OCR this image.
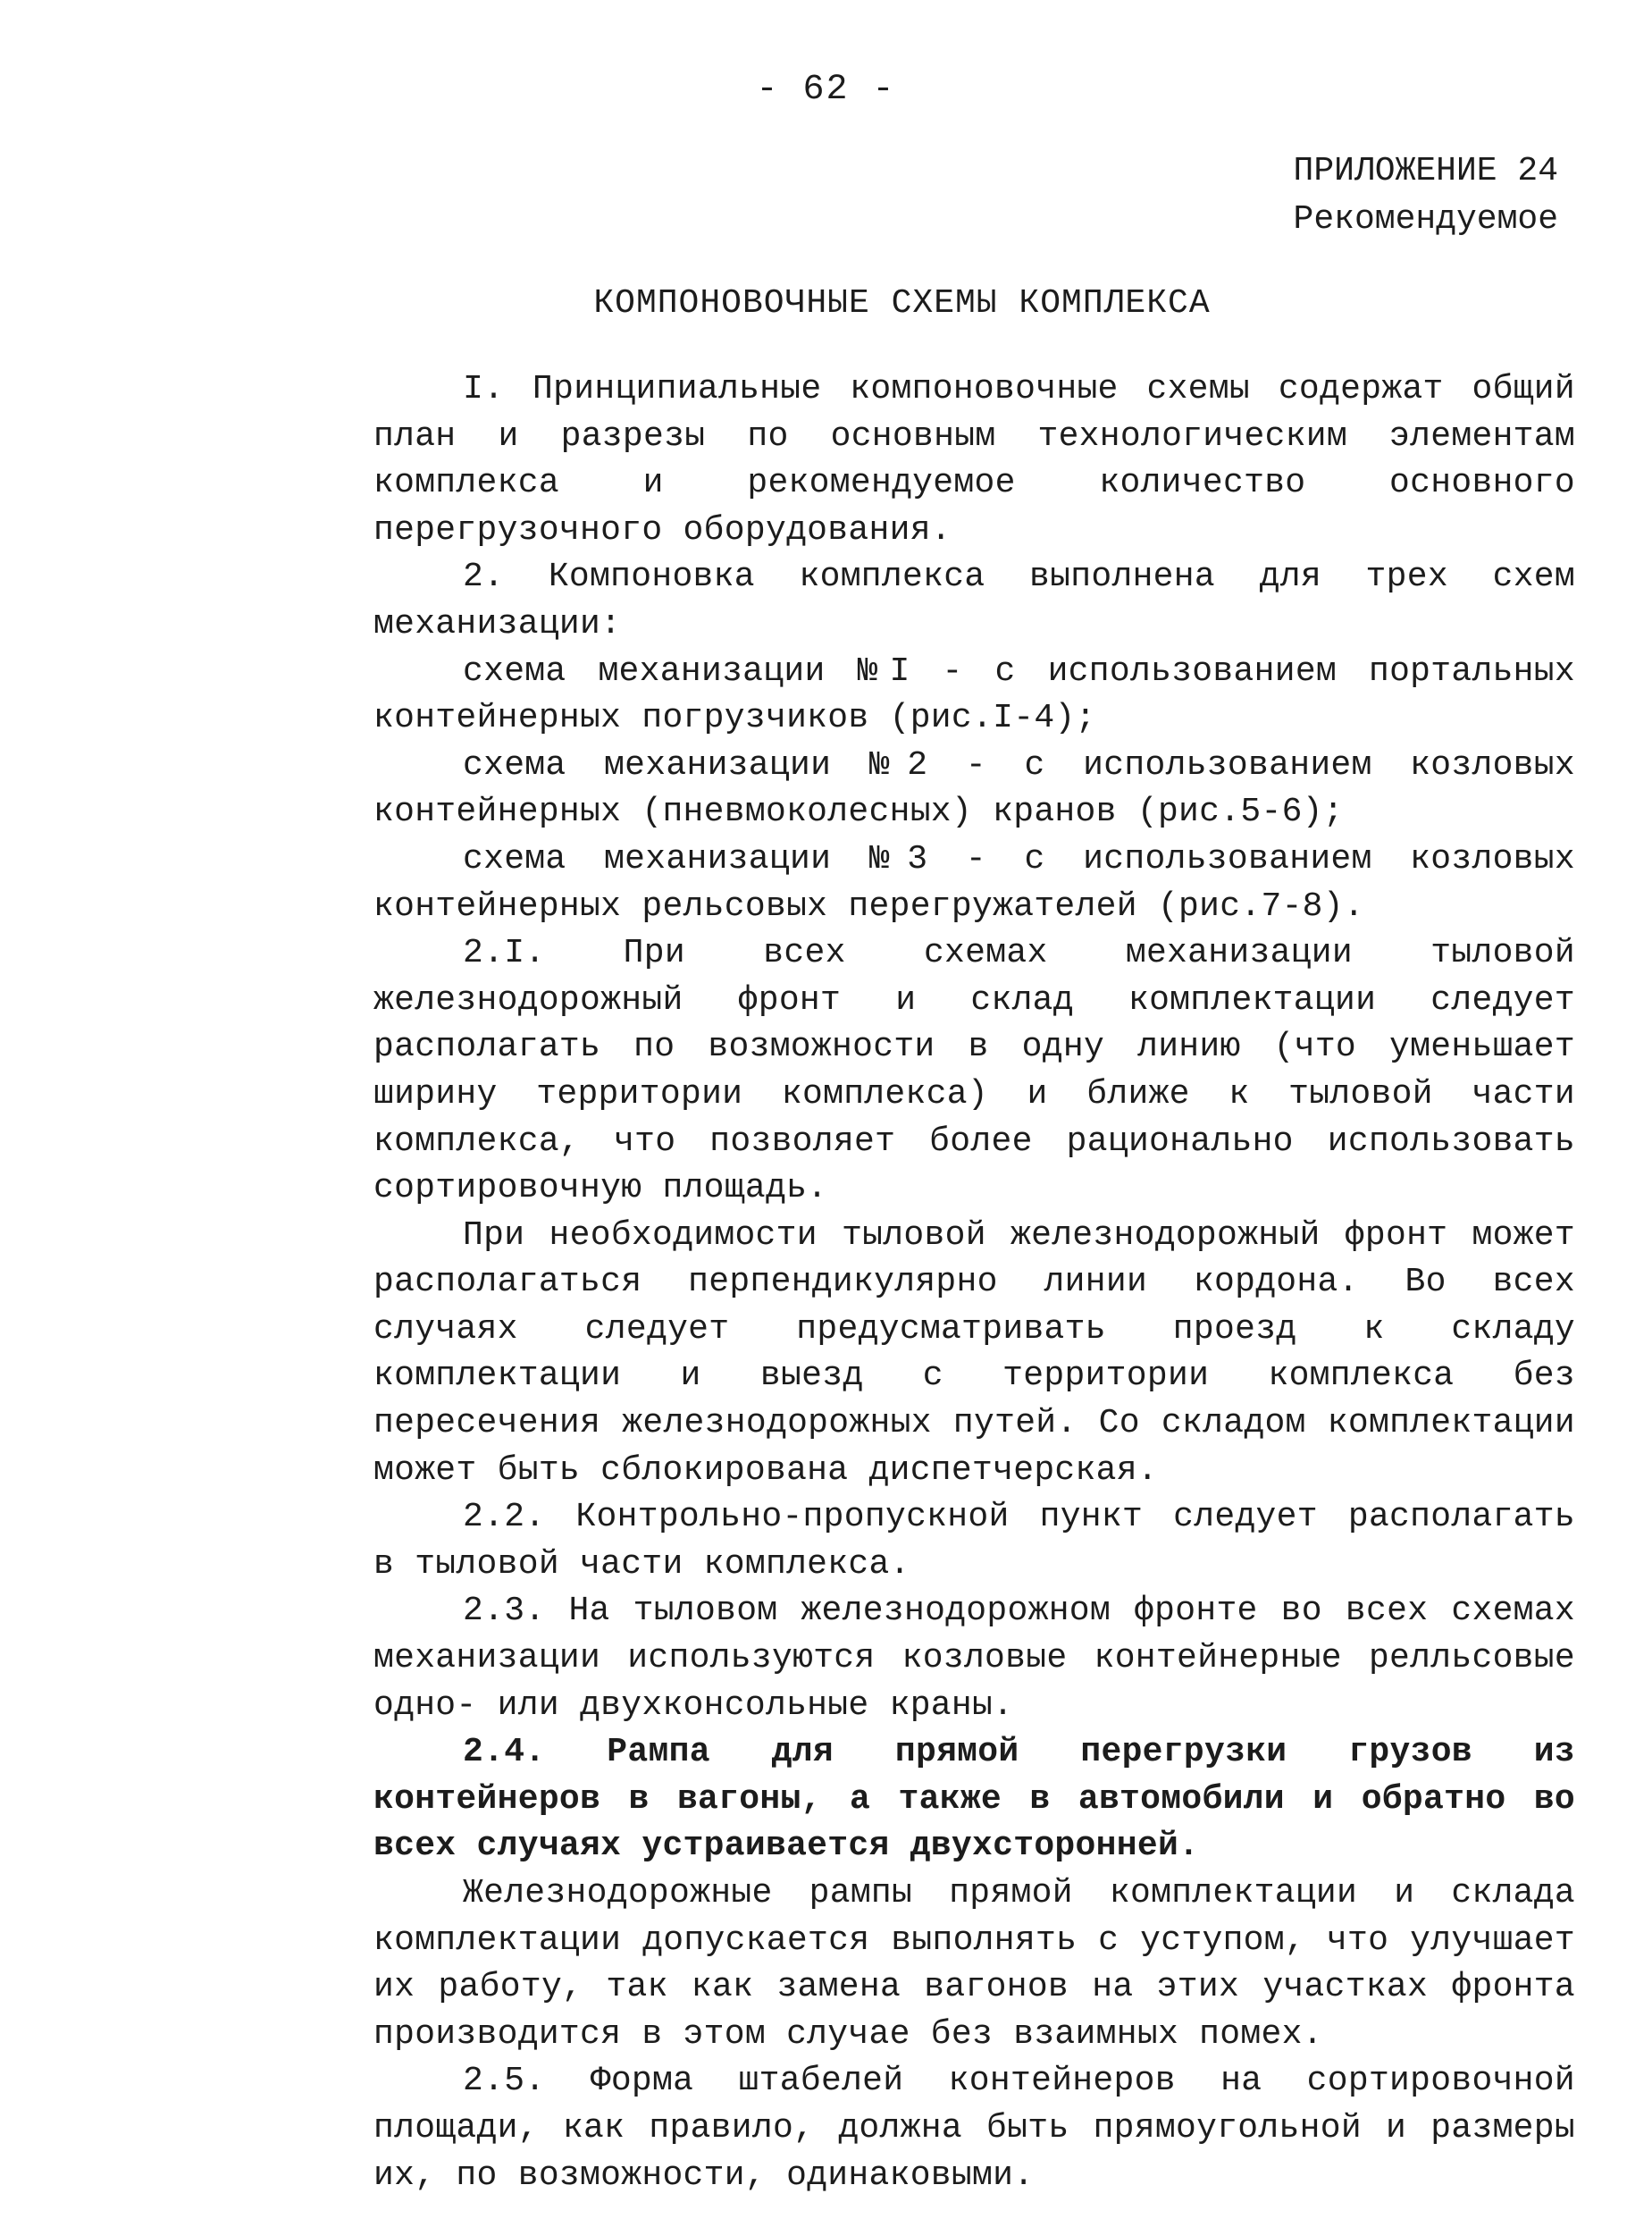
- 62 -
ПРИЛОЖЕНИЕ 24
Рекомендуемое
КОМПОНОВОЧНЫЕ СХЕМЫ КОМПЛЕКСА

I. Принципиальные компоновочные схемы содержат общий план и разрезы по основным технологическим элементам комплекса и рекомендуемое количество основного перегрузочного оборудования.

2. Компоновка комплекса выполнена для трех схем механизации:

схема механизации №I - с использованием портальных контейнерных погрузчиков (рис.I-4);

схема механизации №2 - с использованием козловых контейнерных (пневмоколесных) кранов (рис.5-6);

схема механизации №3 - с использованием козловых контейнерных рельсовых перегружателей (рис.7-8).

2.I. При всех схемах механизации тыловой железнодорожный фронт и склад комплектации следует располагать по возможности в одну линию (что уменьшает ширину территории комплекса) и ближе к тыловой части комплекса, что позволяет более рационально использовать сортировочную площадь.

При необходимости тыловой железнодорожный фронт может располагаться перпендикулярно линии кордона. Во всех случаях следует предусматривать проезд к складу комплектации и выезд с территории комплекса без пересечения железнодорожных путей. Со складом комплектации может быть сблокирована диспетчерская.

2.2. Контрольно-пропускной пункт следует располагать в тыловой части комплекса.

2.3. На тыловом железнодорожном фронте во всех схемах механизации используются козловые контейнерные релльсовые одно- или двухконсольные краны.

2.4. Рампа для прямой перегрузки грузов из контейнеров в вагоны, а также в автомобили и обратно во всех случаях устраивается двухсторонней.

Железнодорожные рампы прямой комплектации и склада комплектации допускается выполнять с уступом, что улучшает их работу, так как замена вагонов на этих участках фронта производится в этом случае без взаимных помех.

2.5. Форма штабелей контейнеров на сортировочной площади, как правило, должна быть прямоугольной и размеры их, по возможности, одинаковыми.
